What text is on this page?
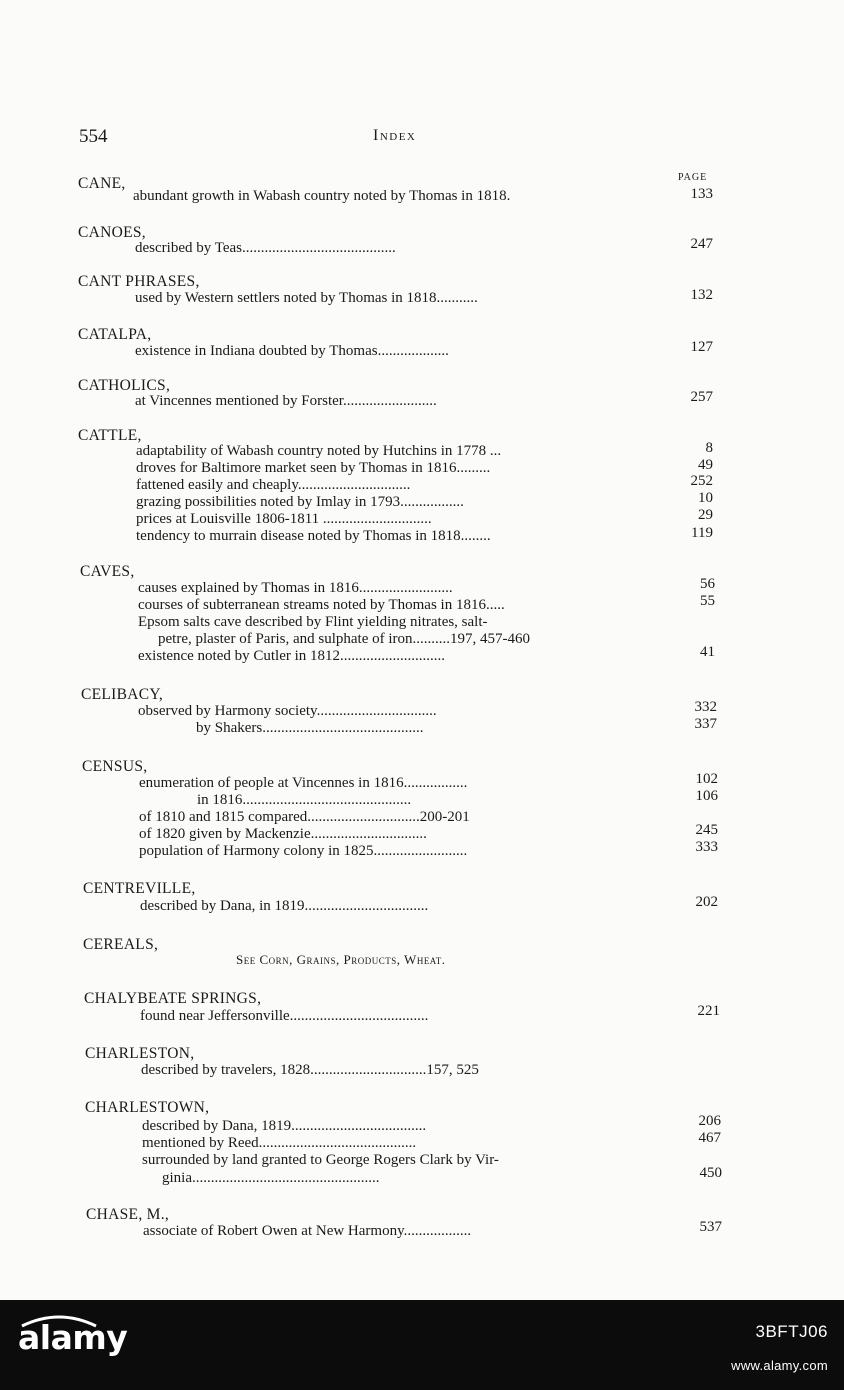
554	Index
PAGE
CANE,
abundant growth in Wabash country noted by Thomas in 1818.	133
CANOES,
described by Teas.........................................	247
CANT PHRASES,
used by Western settlers noted by Thomas in 1818...........	132
CATALPA,
existence in Indiana doubted by Thomas...................	127
CATHOLICS,
at Vincennes mentioned by Forster.........................	257
CATTLE,
adaptability of Wabash country noted by Hutchins in 1778 ...	8
droves for Baltimore market seen by Thomas in 1816.........	49
fattened easily and cheaply..............................	252
grazing possibilities noted by Imlay in 1793.................	10
prices at Louisville 1806-1811 .............................	29
tendency to murrain disease noted by Thomas in 1818........	119
CAVES,
causes explained by Thomas in 1816.........................	56
courses of subterranean streams noted by Thomas in 1816.....	55
Epsom salts cave described by Flint yielding nitrates, salt-
petre, plaster of Paris, and sulphate of iron..........197, 457-460
existence noted by Cutler in 1812............................	41
CELIBACY,
observed by Harmony society................................	332
by Shakers...........................................	337
CENSUS,
enumeration of people at Vincennes in 1816.................	102
in 1816.............................................	106
of 1810 and 1815 compared..............................200-201
of 1820 given by Mackenzie...............................	245
population of Harmony colony in 1825.........................	333
CENTREVILLE,
described by Dana, in 1819.................................	202
CEREALS,
See Corn, Grains, Products, Wheat.
CHALYBEATE SPRINGS,
found near Jeffersonville.....................................	221
CHARLESTON,
described by travelers, 1828...............................157, 525
CHARLESTOWN,
described by Dana, 1819....................................	206
mentioned by Reed..........................................	467
surrounded by land granted to George Rogers Clark by Vir-
ginia..................................................	450
CHASE, M.,
associate of Robert Owen at New Harmony..................	537
alamy	3BFTJ06
www.alamy.com
